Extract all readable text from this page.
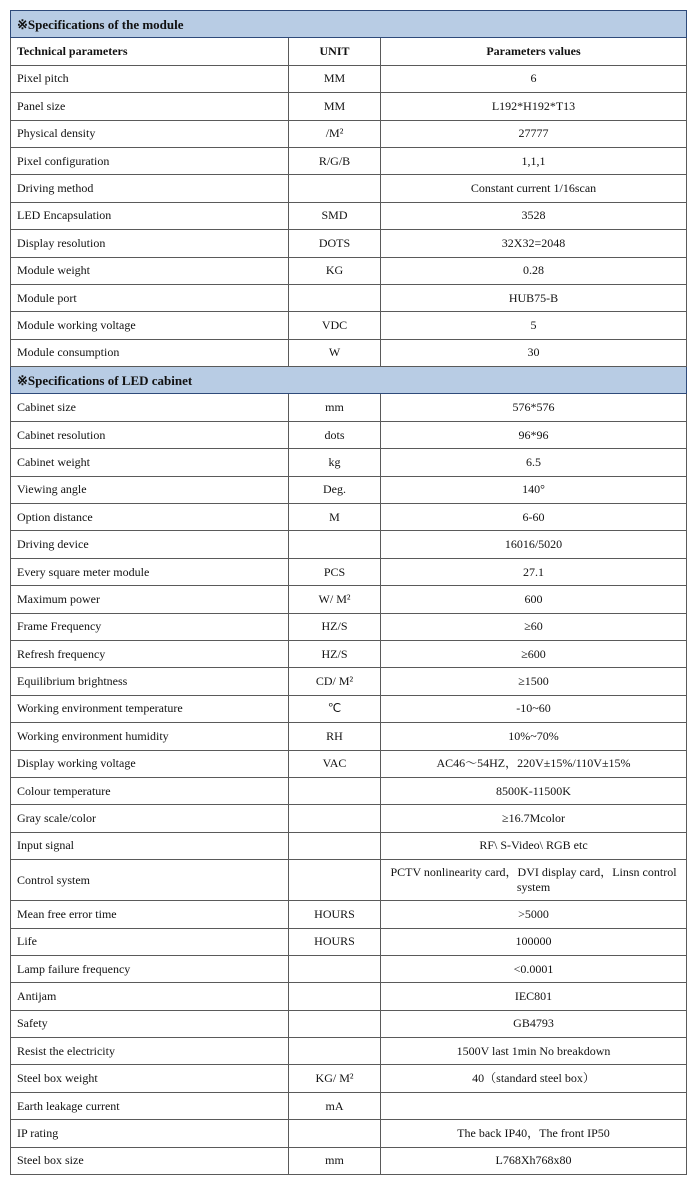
※Specifications of the module		
Technical parameters	UNIT	Parameters values
Pixel pitch	MM	6
Panel size	MM	L192*H192*T13
Physical density	/M²	27777
Pixel configuration	R/G/B	1,1,1
Driving method		Constant current 1/16scan
LED Encapsulation	SMD	3528
Display resolution	DOTS	32X32=2048
Module weight	KG	0.28
Module port		HUB75-B
Module working voltage	VDC	5
Module consumption	W	30
※Specifications of LED cabinet		
Cabinet size	mm	576*576
Cabinet resolution	dots	96*96
Cabinet weight	kg	6.5
Viewing angle	Deg.	140°
Option distance	M	6-60
Driving device		16016/5020
Every square meter module	PCS	27.1
Maximum power	W/ M²	600
Frame Frequency	HZ/S	≥60
Refresh frequency	HZ/S	≥600
Equilibrium brightness	CD/ M²	≥1500
Working environment temperature	℃	-10~60
Working environment humidity	RH	10%~70%
Display working voltage	VAC	AC46～54HZ，220V±15%/110V±15%
Colour temperature		8500K-11500K
Gray scale/color		≥16.7Mcolor
Input signal		RF\ S-Video\ RGB etc
Control system		PCTV nonlinearity card，DVI display card，Linsn control system
Mean free error time	HOURS	>5000
Life	HOURS	100000
Lamp failure frequency		<0.0001
Antijam		IEC801
Safety		GB4793
Resist the electricity		1500V last 1min No breakdown
Steel box weight	KG/ M²	40（standard steel box）
Earth leakage current	mA	
IP rating		The back IP40，The front IP50
Steel box size	mm	L768Xh768x80
